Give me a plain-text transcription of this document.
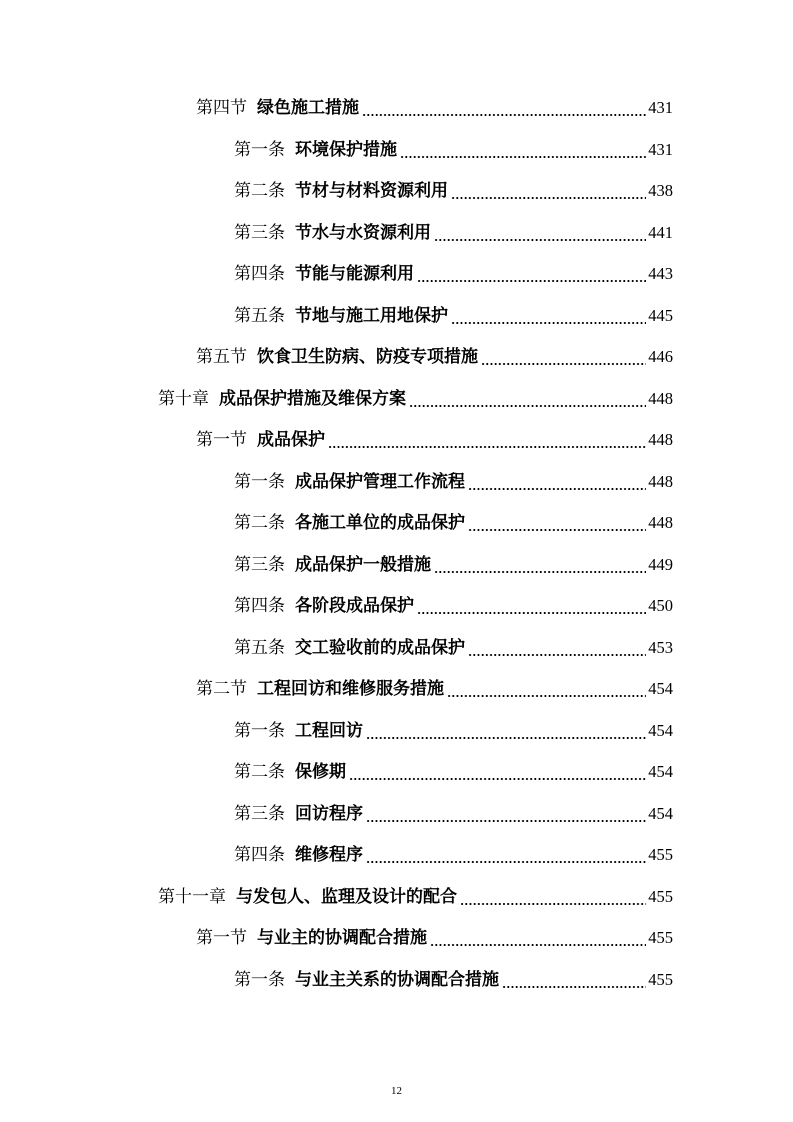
第四节 绿色施工措施	431
第一条 环境保护措施	431
第二条 节材与材料资源利用	438
第三条 节水与水资源利用	441
第四条 节能与能源利用	443
第五条 节地与施工用地保护	445
第五节 饮食卫生防病、防疫专项措施	446
第十章 成品保护措施及维保方案	448
第一节 成品保护	448
第一条 成品保护管理工作流程	448
第二条 各施工单位的成品保护	448
第三条 成品保护一般措施	449
第四条 各阶段成品保护	450
第五条 交工验收前的成品保护	453
第二节 工程回访和维修服务措施	454
第一条 工程回访	454
第二条 保修期	454
第三条 回访程序	454
第四条 维修程序	455
第十一章 与发包人、监理及设计的配合	455
第一节 与业主的协调配合措施	455
第一条 与业主关系的协调配合措施	455
12
